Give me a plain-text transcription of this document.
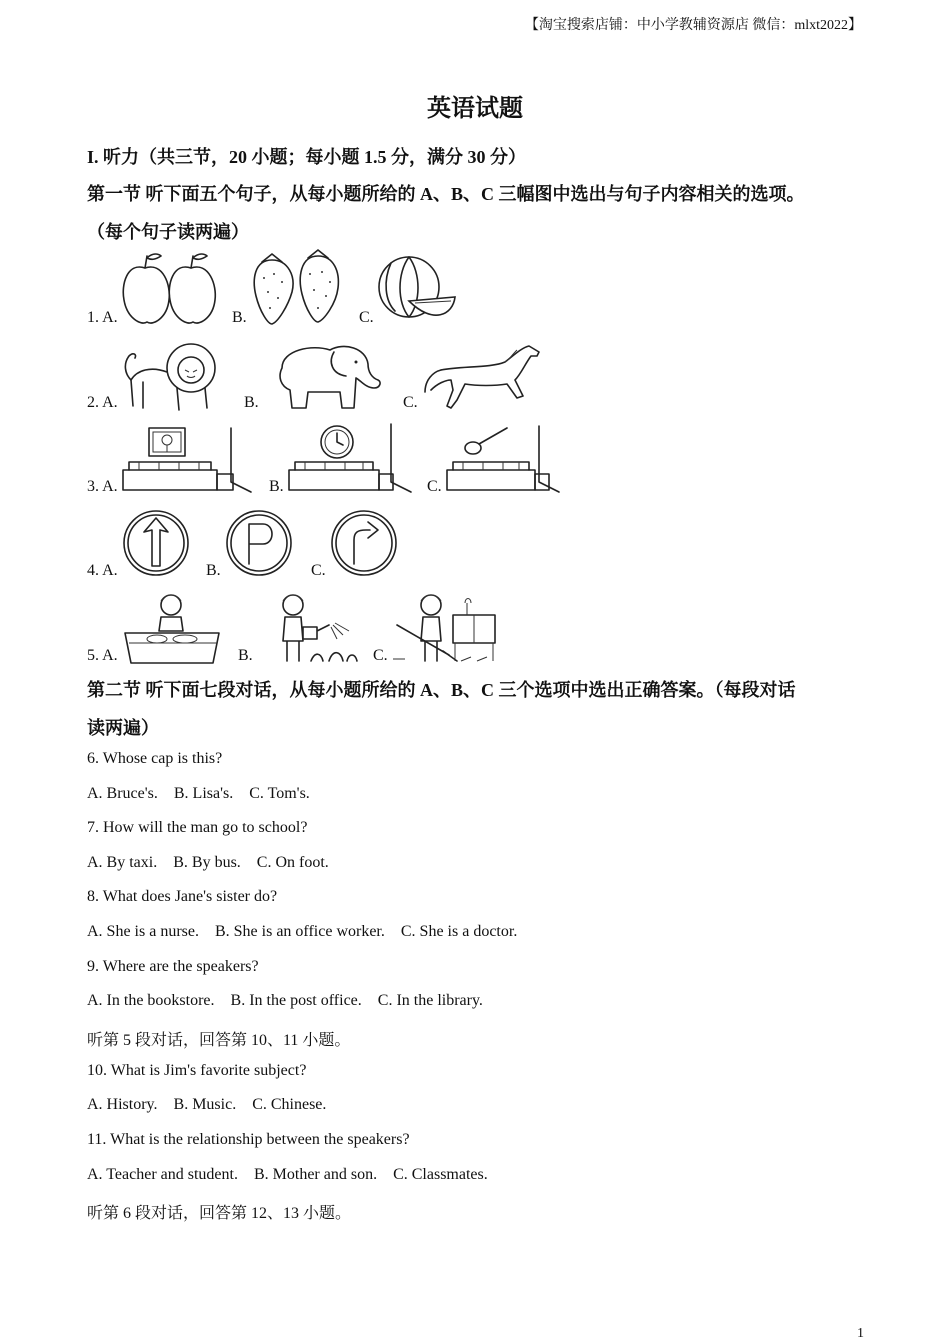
【淘宝搜索店铺：中小学教辅资源店 微信：mlxt2022】
英语试题
I. 听力（共三节，20 小题；每小题 1.5 分，满分 30 分）
第一节 听下面五个句子，从每小题所给的 A、B、C 三幅图中选出与句子内容相关的选项。
（每个句子读两遍）
1. A.	B.	C.
2. A.	B.	C.
3. A.	B.	C.
4. A.	B.	C.
5. A.	B.	C.
第二节 听下面七段对话，从每小题所给的 A、B、C 三个选项中选出正确答案。（每段对话
读两遍）
6. Whose cap is this?
A. Bruce's.    B. Lisa's.    C. Tom's.
7. How will the man go to school?
A. By taxi.    B. By bus.    C. On foot.
8. What does Jane's sister do?
A. She is a nurse.    B. She is an office worker.    C. She is a doctor.
9. Where are the speakers?
A. In the bookstore.    B. In the post office.    C. In the library.
听第 5 段对话，回答第 10、11 小题。
10. What is Jim's favorite subject?
A. History.    B. Music.    C. Chinese.
11. What is the relationship between the speakers?
A. Teacher and student.    B. Mother and son.    C. Classmates.
听第 6 段对话，回答第 12、13 小题。
1
